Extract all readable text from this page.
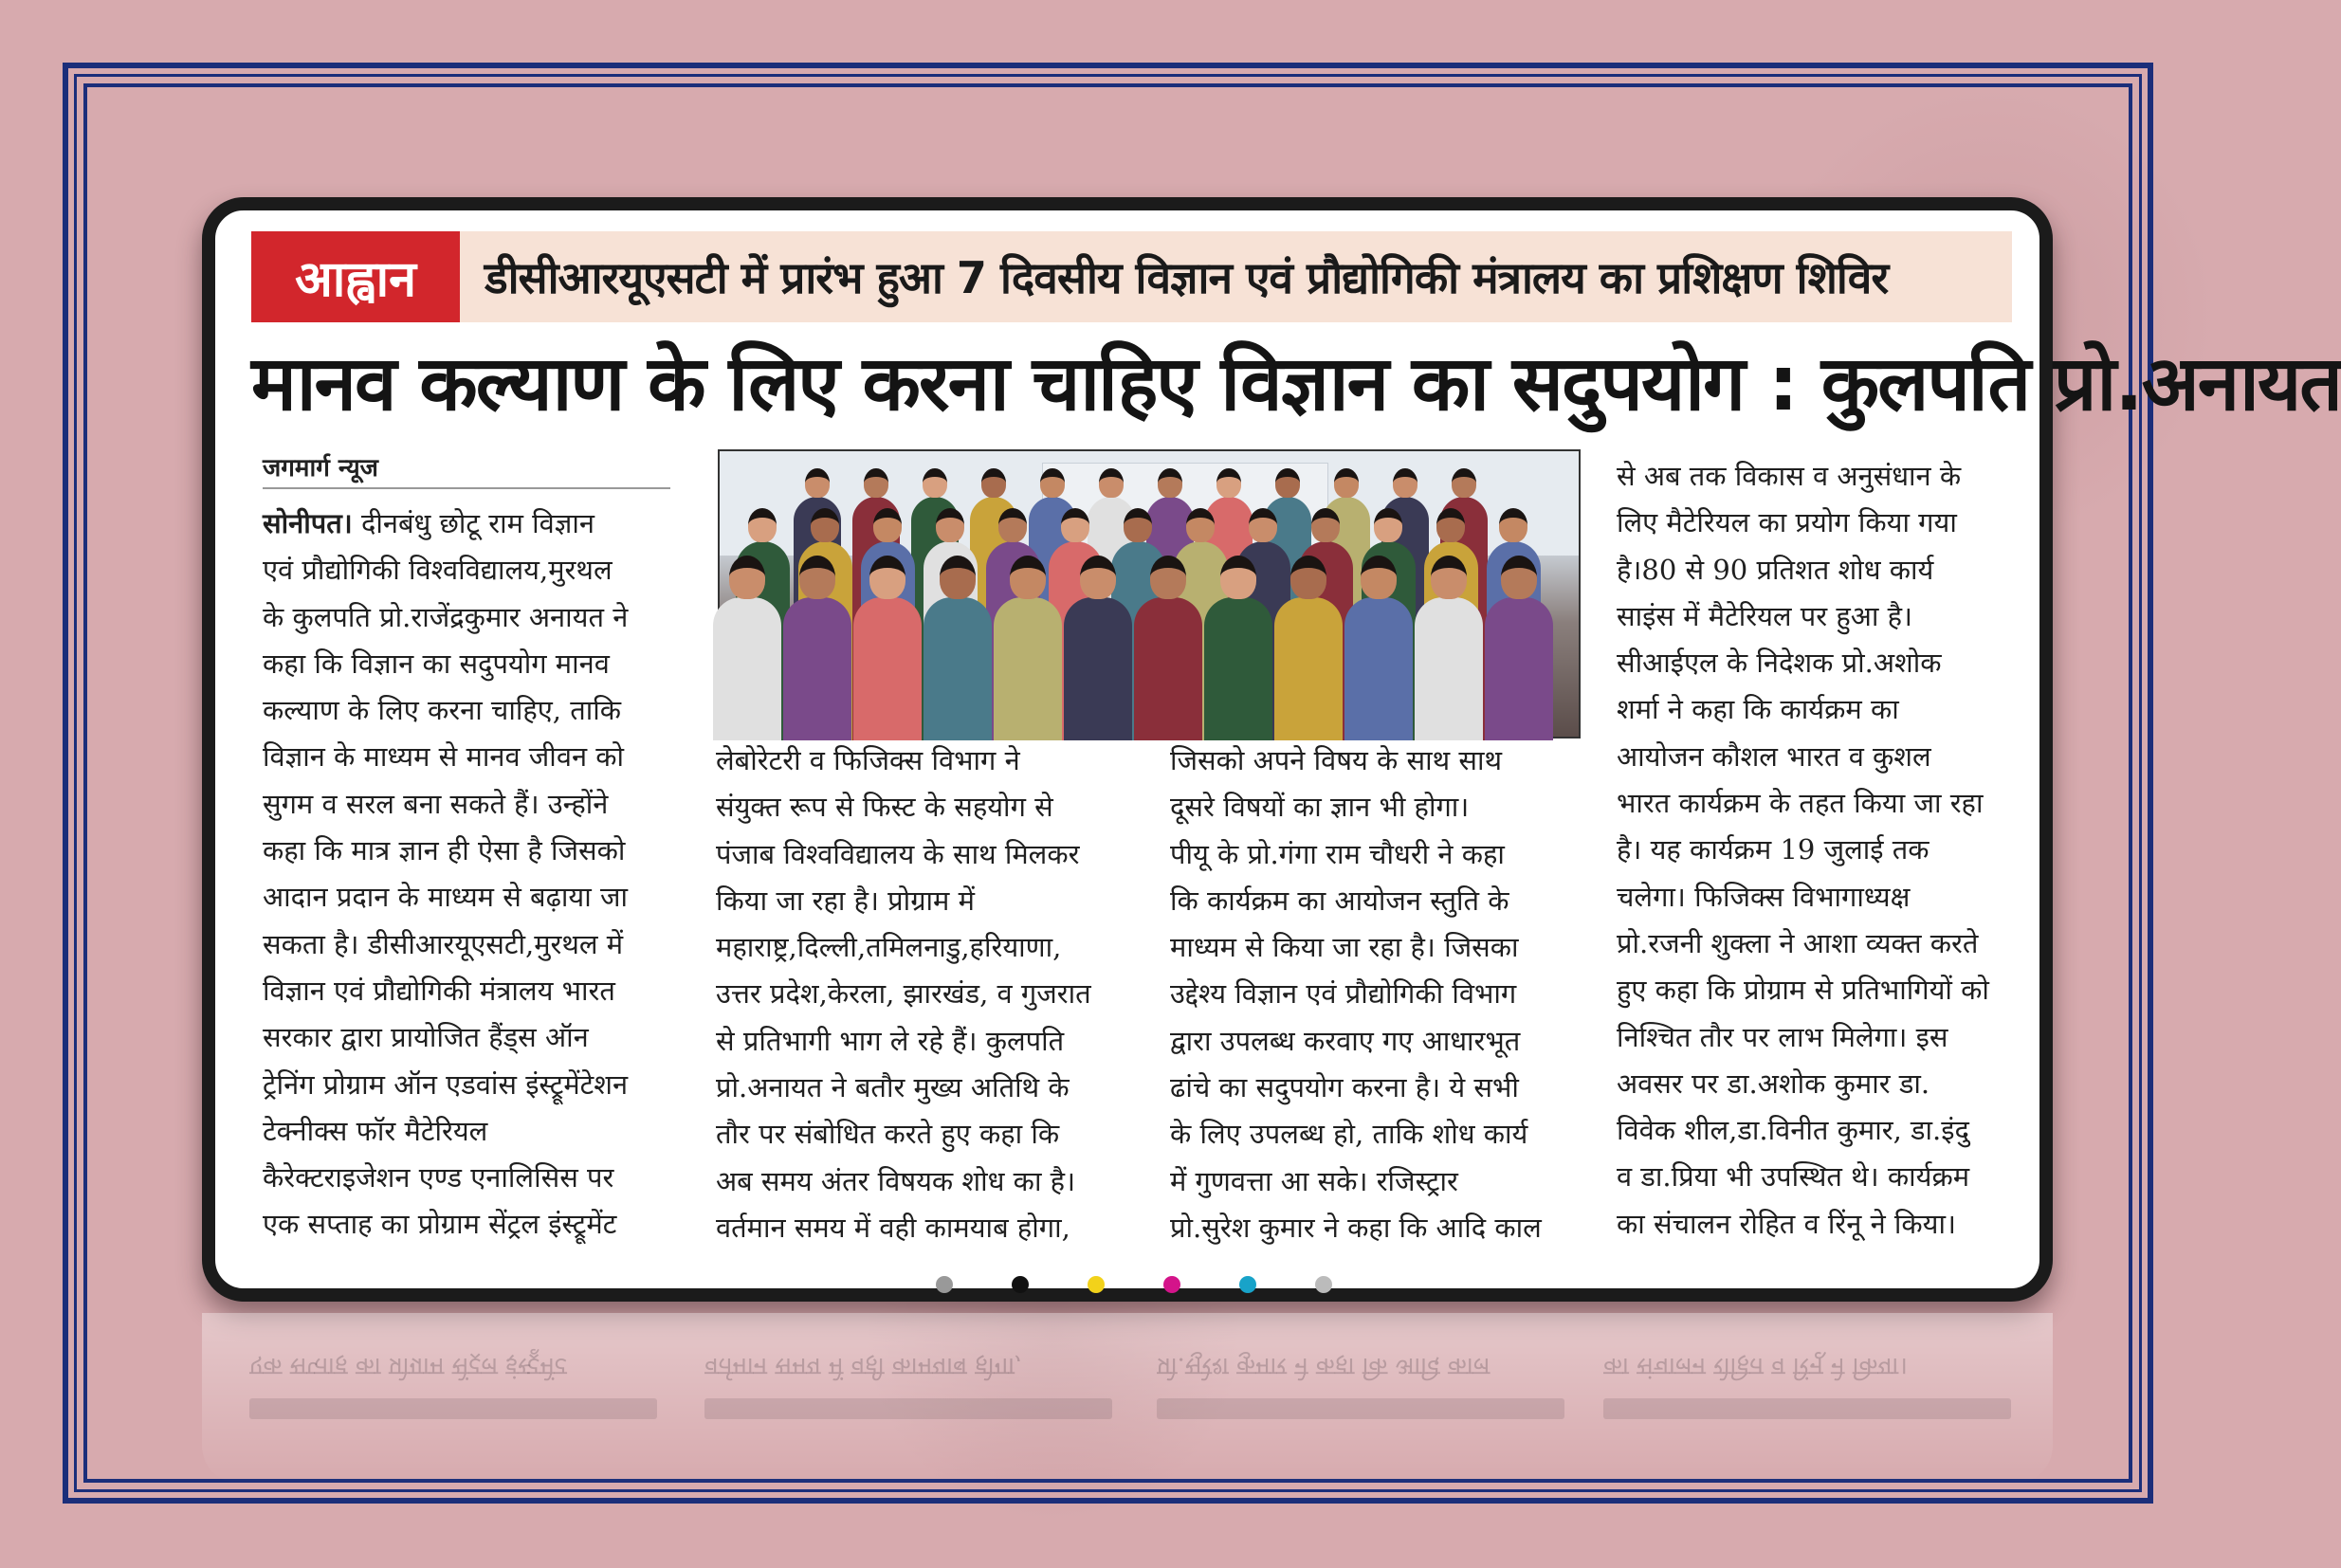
आह्वान	डीसीआरयूएसटी में प्रारंभ हुआ 7 दिवसीय विज्ञान एवं प्रौद्योगिकी मंत्रालय का प्रशिक्षण शिविर
मानव कल्याण के लिए करना चाहिए विज्ञान का सदुपयोग : कुलपति प्रो.अनायत
जगमार्ग न्यूज
सोनीपत। दीनबंधु छोटू राम विज्ञान
एवं प्रौद्योगिकी विश्वविद्यालय,मुरथल
के कुलपति प्रो.राजेंद्रकुमार अनायत ने
कहा कि विज्ञान का सदुपयोग मानव
कल्याण के लिए करना चाहिए, ताकि
विज्ञान के माध्यम से मानव जीवन को
सुगम व सरल बना सकते हैं। उन्होंने
कहा कि मात्र ज्ञान ही ऐसा है जिसको
आदान प्रदान के माध्यम से बढ़ाया जा
सकता है। डीसीआरयूएसटी,मुरथल में
विज्ञान एवं प्रौद्योगिकी मंत्रालय भारत
सरकार द्वारा प्रायोजित हैंड्स ऑन
ट्रेनिंग प्रोग्राम ऑन एडवांस इंस्ट्रूमेंटेशन
टेक्नीक्स फॉर मैटेरियल
कैरेक्टराइजेशन एण्ड एनालिसिस पर
एक सप्ताह का प्रोग्राम सेंट्रल इंस्ट्रूमेंट
लेबोरेटरी व फिजिक्स विभाग ने
संयुक्त रूप से फिस्ट के सहयोग से
पंजाब विश्वविद्यालय के साथ मिलकर
किया जा रहा है। प्रोग्राम में
महाराष्ट्र,दिल्ली,तमिलनाडु,हरियाणा,
उत्तर प्रदेश,केरला, झारखंड, व गुजरात
से प्रतिभागी भाग ले रहे हैं। कुलपति
प्रो.अनायत ने बतौर मुख्य अतिथि के
तौर पर संबोधित करते हुए कहा कि
अब समय अंतर विषयक शोध का है।
वर्तमान समय में वही कामयाब होगा,
जिसको अपने विषय के साथ साथ
दूसरे विषयों का ज्ञान भी होगा।
पीयू के प्रो.गंगा राम चौधरी ने कहा
कि कार्यक्रम का आयोजन स्तुति के
माध्यम से किया जा रहा है। जिसका
उद्देश्य विज्ञान एवं प्रौद्योगिकी विभाग
द्वारा उपलब्ध करवाए गए आधारभूत
ढांचे का सदुपयोग करना है। ये सभी
के लिए उपलब्ध हो, ताकि शोध कार्य
में गुणवत्ता आ सके। रजिस्ट्रार
प्रो.सुरेश कुमार ने कहा कि आदि काल
से अब तक विकास व अनुसंधान के
लिए मैटेरियल का प्रयोग किया गया
है।80 से 90 प्रतिशत शोध कार्य
साइंस में मैटेरियल पर हुआ है।
सीआईएल के निदेशक प्रो.अशोक
शर्मा ने कहा कि कार्यक्रम का
आयोजन कौशल भारत व कुशल
भारत कार्यक्रम के तहत किया जा रहा
है। यह कार्यक्रम 19 जुलाई तक
चलेगा। फिजिक्स विभागाध्यक्ष
प्रो.रजनी शुक्ला ने आशा व्यक्त करते
हुए कहा कि प्रोग्राम से प्रतिभागियों को
निश्चित तौर पर लाभ मिलेगा। इस
अवसर पर डा.अशोक कुमार डा.
विवेक शील,डा.विनीत कुमार, डा.इंदु
व डा.प्रिया भी उपस्थित थे। कार्यक्रम
का संचालन रोहित व रिंनू ने किया।
एक सप्ताह का प्रोग्राम सेंट्रल इंस्ट्रूमेंट	वर्तमान समय में वही कामयाब होगा,	प्रो.सुरेश कुमार ने कहा कि आदि काल	का संचालन रोहित व रिंनू ने किया।
